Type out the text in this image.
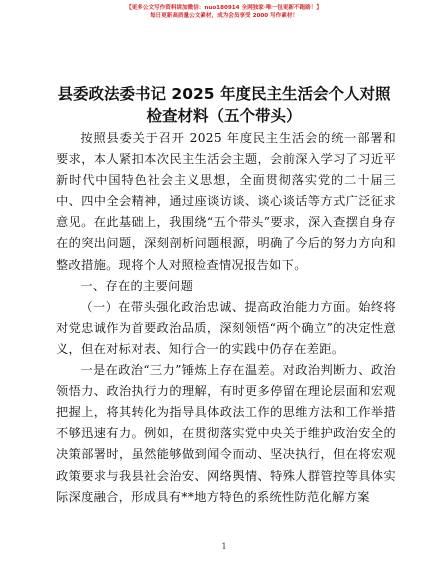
【更多公文写作资料请加微信：nuo180914 全网独家·唯一包更新不跑路！】
每日更新高质量公文素材，成为会员享受 2000 写作素材！
县委政法委书记 2025 年度民主生活会个人对照
检查材料（五个带头）

按照县委关于召开 2025 年度民主生活会的统一部署和要求，本人紧扣本次民主生活会主题，会前深入学习了习近平新时代中国特色社会主义思想，全面贯彻落实党的二十届三中、四中全会精神，通过座谈访谈、谈心谈话等方式广泛征求意见。在此基础上，我围绕“五个带头”要求，深入查摆自身存在的突出问题，深刻剖析问题根源，明确了今后的努力方向和整改措施。现将个人对照检查情况报告如下。

一、存在的主要问题

（一）在带头强化政治忠诚、提高政治能力方面。始终将对党忠诚作为首要政治品质，深刻领悟“两个确立”的决定性意义，但在对标对表、知行合一的实践中仍存在差距。

一是在政治“三力”锤炼上存在温差。对政治判断力、政治领悟力、政治执行力的理解，有时更多停留在理论层面和宏观把握上，将其转化为指导具体政法工作的思维方法和工作举措不够迅速有力。例如，在贯彻落实党中央关于维护政治安全的决策部署时，虽然能够做到闻令而动、坚决执行，但在将宏观政策要求与我县社会治安、网络舆情、特殊人群管控等具体实际深度融合，形成具有**地方特色的系统性防范化解方案

1
